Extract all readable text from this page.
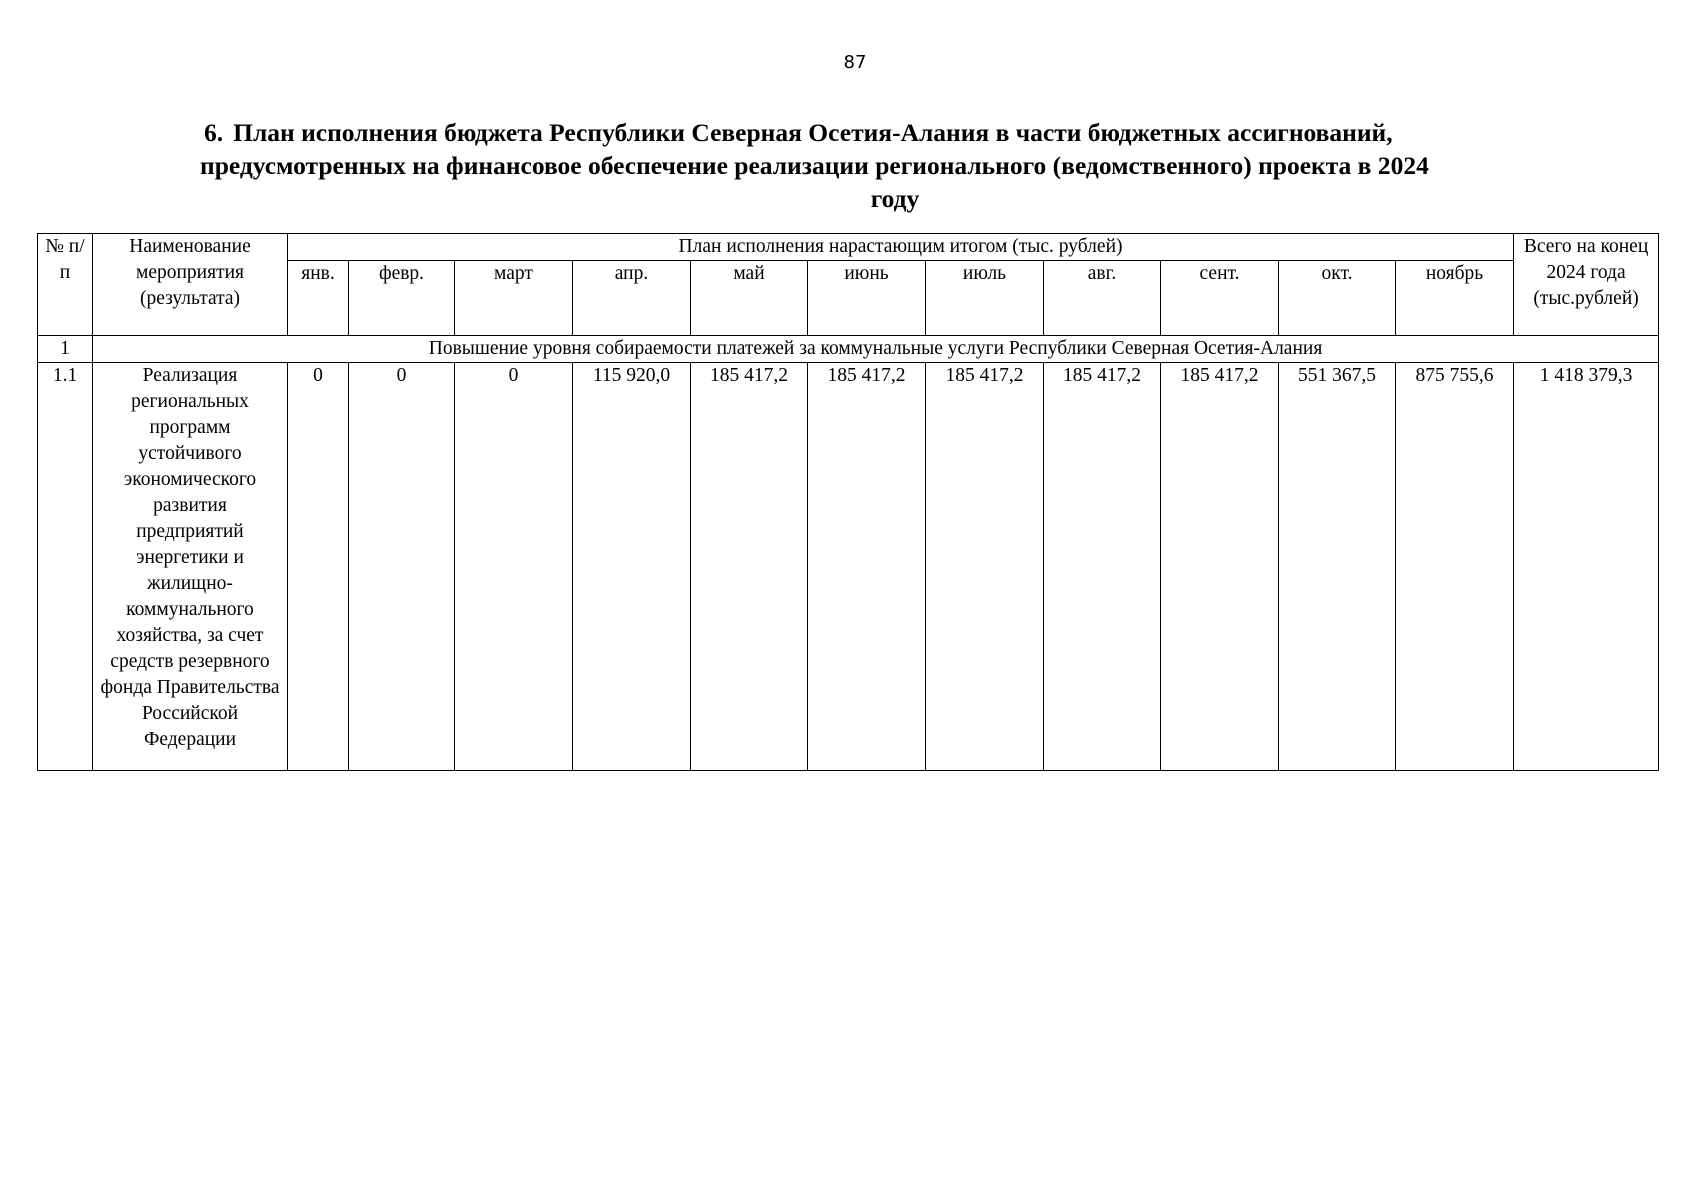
87
6. План исполнения бюджета Республики Северная Осетия-Алания в части бюджетных ассигнований,
предусмотренных на финансовое обеспечение реализации регионального (ведомственного) проекта в 2024
году
№ п/п	Наименование мероприятия (результата)	План исполнения нарастающим итогом (тыс. рублей)											Всего на конец 2024 года (тыс.рублей)
		янв.	февр.	март	апр.	май	июнь	июль	авг.	сент.	окт.	ноябрь	
1	Повышение уровня собираемости платежей за коммунальные услуги Республики Северная Осетия-Алания												
1.1	Реализация региональных программ устойчивого экономического развития предприятий энергетики и жилищно-коммунального хозяйства, за счет средств резервного фонда Правительства Российской Федерации	0	0	0	115 920,0	185 417,2	185 417,2	185 417,2	185 417,2	185 417,2	551 367,5	875 755,6	1 418 379,3
